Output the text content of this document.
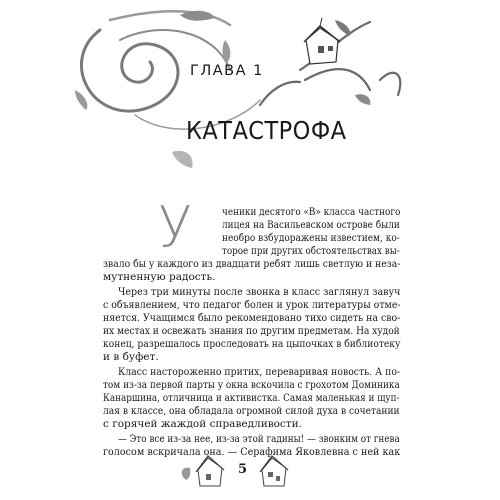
ГЛАВА 1
КАТАСТРОФА
У	ченики десятого «В» класса частного
лицея на Васильевском острове были
необро взбудоражены известием, ко-
торое при других обстоятельствах вы-
звало бы у каждого из двадцати ребят лишь светлую и неза-
мутненную радость.
Через три минуты после звонка в класс заглянул завуч
с объявлением, что педагог болен и урок литературы отме-
няется. Учащимся было рекомендовано тихо сидеть на сво-
их местах и освежать знания по другим предметам. На худой
конец, разрешалось проследовать на цыпочках в библиотеку
и в буфет.
Класс настороженно притих, переваривая новость. А по-
том из-за первой парты у окна вскочила с грохотом Доминика
Канаршина, отличница и активистка. Самая маленькая и щуп-
лая в классе, она обладала огромной силой духа в сочетании
с горячей жаждой справедливости.
— Это все из-за нее, из-за этой гадины! — звонким от гнева
голосом вскричала она. — Серафима Яковлевна с ней как
5
